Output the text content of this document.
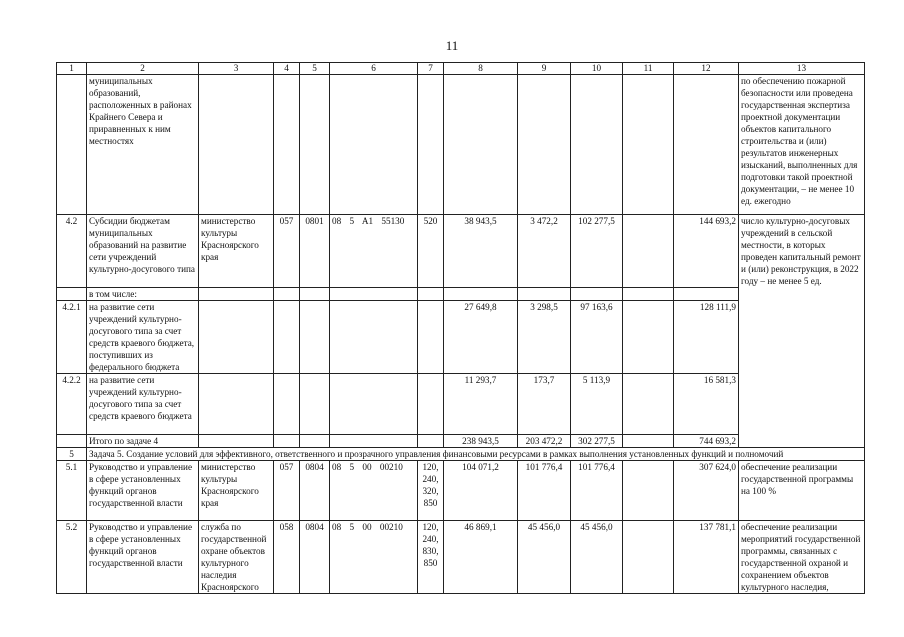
11
1	2	3	4	5	6	7	8	9	10	11	12	13
	муниципальных образований, расположенных в районах Крайнего Севера и приравненных к ним местностях											по обеспечению пожарной безопасности или проведена государственная экспертиза проектной документации объектов капитального строительства и (или) результатов инженерных изысканий, выполненных для подготовки такой проектной документации, – не менее 10 ед. ежегодно
4.2	Субсидии бюджетам муниципальных образований на развитие сети учреждений культурно-досугового типа	министерство культуры Красноярского края	057	0801	08 5 A1 55130	520	38 943,5	3 472,2	102 277,5		144 693,2	число культурно-досуговых учреждений в сельской местности, в которых проведен капитальный ремонт и (или) реконструкция, в 2022 году – не менее 5 ед.
	в том числе:											
4.2.1	на развитие сети учреждений культурно-досугового типа за счет средств краевого бюджета, поступивших из федерального бюджета						27 649,8	3 298,5	97 163,6		128 111,9	
4.2.2	на развитие сети учреждений культурно-досугового типа за счет средств краевого бюджета						11 293,7	173,7	5 113,9		16 581,3	
	Итого по задаче 4						238 943,5	203 472,2	302 277,5		744 693,2	
5	Задача 5. Создание условий для эффективного, ответственного и прозрачного управления финансовыми ресурсами в рамках выполнения установленных функций и полномочий											
5.1	Руководство и управление в сфере установленных функций органов государственной власти	министерство культуры Красноярского края	057	0804	08 5 00 00210	120, 240, 320, 850	104 071,2	101 776,4	101 776,4		307 624,0	обеспечение реализации государственной программы на 100 %
5.2	Руководство и управление в сфере установленных функций органов государственной власти	служба по государственной охране объектов культурного наследия Красноярского	058	0804	08 5 00 00210	120, 240, 830, 850	46 869,1	45 456,0	45 456,0		137 781,1	обеспечение реализации мероприятий государственной программы, связанных с государственной охраной и сохранением объектов культурного наследия,
